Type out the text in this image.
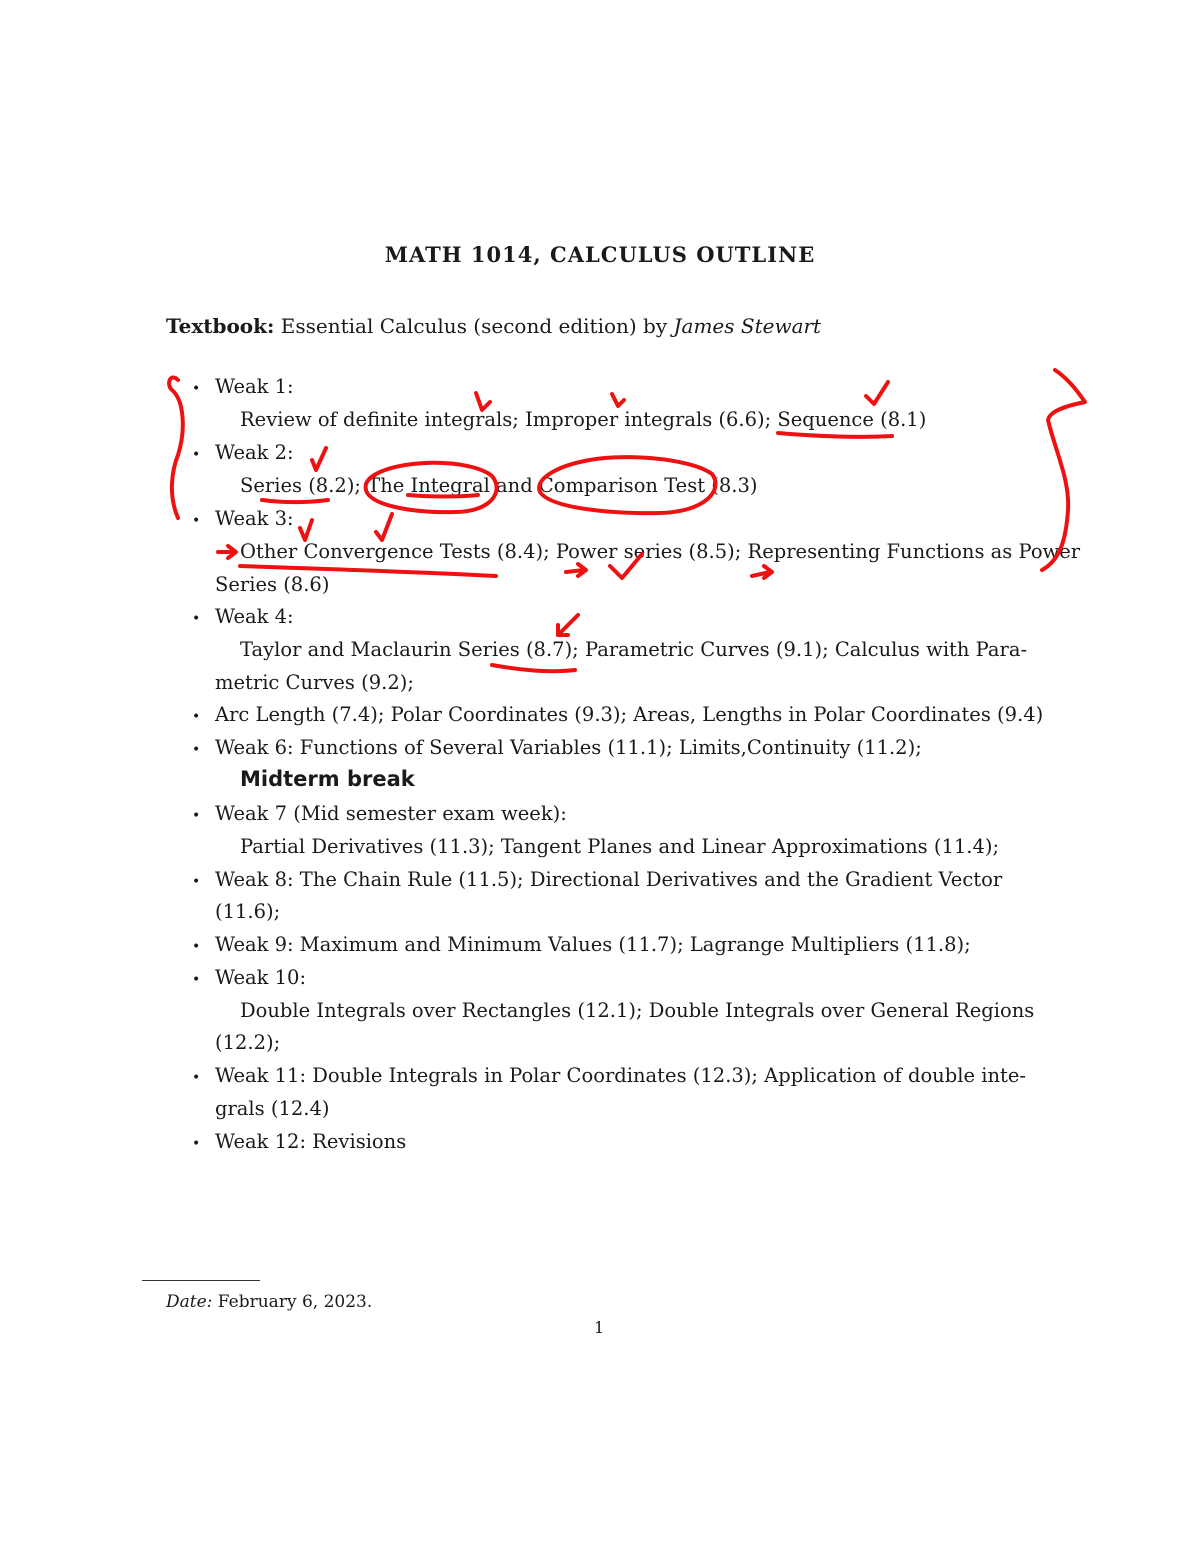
MATH 1014, CALCULUS OUTLINE
Textbook: Essential Calculus (second edition) by James Stewart
•
•
•
•
•
•
•
•
•
•
•
•
Weak 1:
Review of definite integrals; Improper integrals (6.6); Sequence (8.1)
Weak 2:
Series (8.2); The Integral and Comparison Test (8.3)
Weak 3:
Other Convergence Tests (8.4); Power series (8.5); Representing Functions as Power
Series (8.6)
Weak 4:
Taylor and Maclaurin Series (8.7); Parametric Curves (9.1); Calculus with Para-
metric Curves (9.2);
Arc Length (7.4); Polar Coordinates (9.3); Areas, Lengths in Polar Coordinates (9.4)
Weak 6: Functions of Several Variables (11.1); Limits,Continuity (11.2);
Midterm break
Weak 7 (Mid semester exam week):
Partial Derivatives (11.3); Tangent Planes and Linear Approximations (11.4);
Weak 8: The Chain Rule (11.5); Directional Derivatives and the Gradient Vector
(11.6);
Weak 9: Maximum and Minimum Values (11.7); Lagrange Multipliers (11.8);
Weak 10:
Double Integrals over Rectangles (12.1); Double Integrals over General Regions
(12.2);
Weak 11: Double Integrals in Polar Coordinates (12.3); Application of double inte-
grals (12.4)
Weak 12: Revisions
Date: February 6, 2023.
1
